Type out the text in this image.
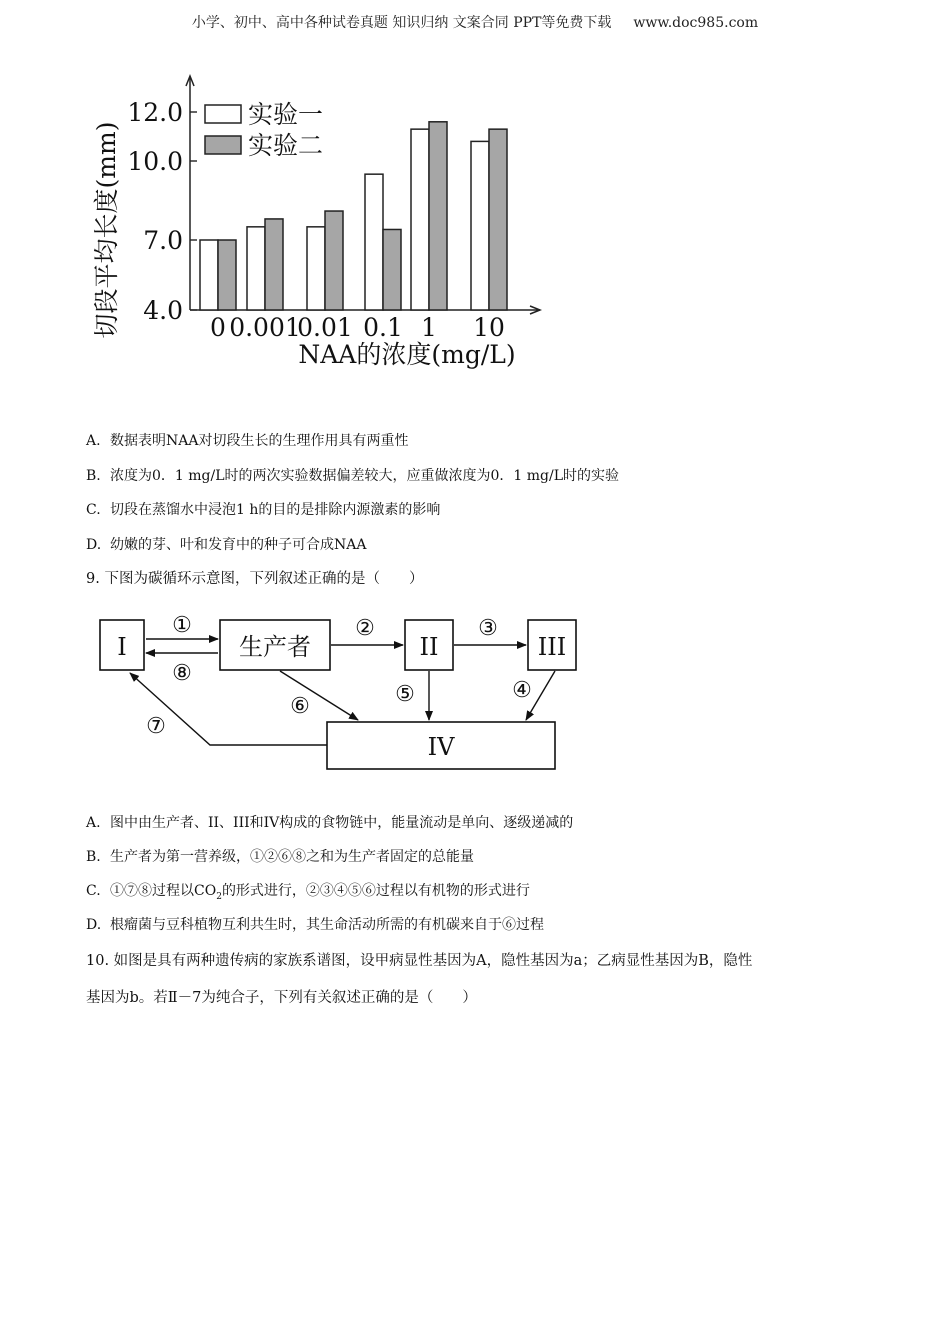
小学、初中、高中各种试卷真题 知识归纳 文案合同 PPT等免费下载 www.doc985.com
4.0
7.0
10.0
12.0
0 0.001
0.01 0.1 1 10
实验一
实验二
NAA的浓度(mg/L)
切段平均长度(mm)
A. 数据表明NAA对切段生长的生理作用具有两重性
B. 浓度为0．1 mg/L时的两次实验数据偏差较大，应重做浓度为0．1 mg/L时的实验
C. 切段在蒸馏水中浸泡1 h的目的是排除内源激素的影响
D. 幼嫩的芽、叶和发育中的种子可合成NAA
9. 下图为碳循环示意图，下列叙述正确的是（　　）
I	生产者	II	III
IV
①
⑧
②	③
⑤	④
⑥
⑦
A. 图中由生产者、II、III和IV构成的食物链中，能量流动是单向、逐级递减的
B. 生产者为第一营养级，①②⑥⑧之和为生产者固定的总能量
C. ①⑦⑧过程以$CO_2$的形式进行，②③④⑤⑥过程以有机物的形式进行
D. 根瘤菌与豆科植物互利共生时，其生命活动所需的有机碳来自于⑥过程
10. 如图是具有两种遗传病的家族系谱图，设甲病显性基因为A，隐性基因为a；乙病显性基因为B，隐性
基因为b。若Ⅱ－7为纯合子，下列有关叙述正确的是（　　）
